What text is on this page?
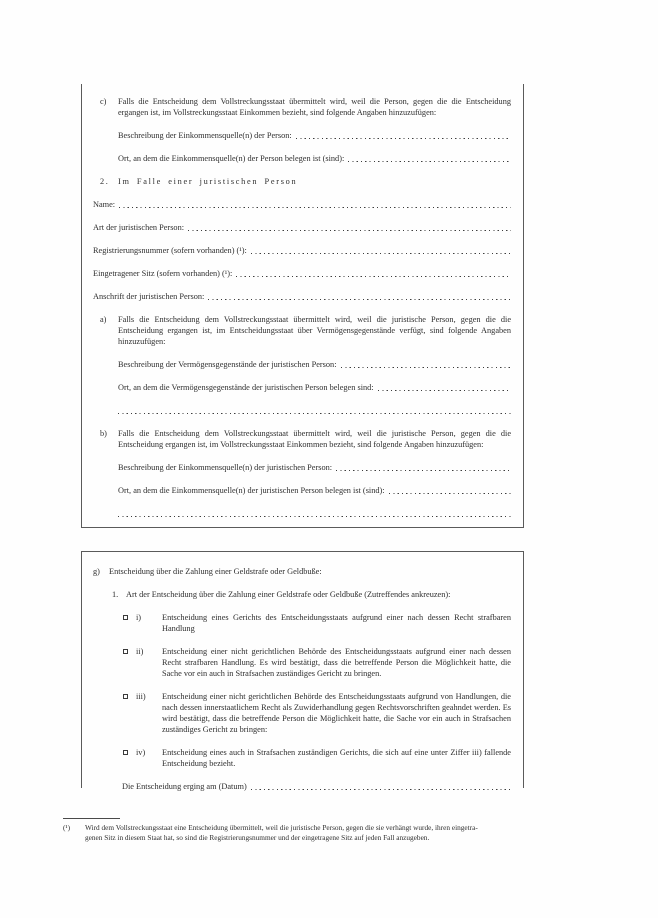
c)	Falls die Entscheidung dem Vollstreckungsstaat übermittelt wird, weil die Person, gegen die die Entscheidung ergangen ist, im Vollstreckungsstaat Einkommen bezieht, sind folgende Angaben hinzuzufügen:
Beschreibung der Einkommensquelle(n) der Person:
Ort, an dem die Einkommensquelle(n) der Person belegen ist (sind):
2.	Im Falle einer juristischen Person
Name:
Art der juristischen Person:
Registrierungsnummer (sofern vorhanden) (¹):
Eingetragener Sitz (sofern vorhanden) (¹):
Anschrift der juristischen Person:
a)	Falls die Entscheidung dem Vollstreckungsstaat übermittelt wird, weil die juristische Person, gegen die die Entscheidung ergangen ist, im Entscheidungsstaat über Vermögensgegenstände verfügt, sind folgende Angaben hinzuzufügen:
Beschreibung der Vermögensgegenstände der juristischen Person:
Ort, an dem die Vermögensgegenstände der juristischen Person belegen sind:
b)	Falls die Entscheidung dem Vollstreckungsstaat übermittelt wird, weil die juristische Person, gegen die die Entscheidung ergangen ist, im Vollstreckungsstaat Einkommen bezieht, sind folgende Angaben hinzuzufügen:
Beschreibung der Einkommensquelle(n) der juristischen Person:
Ort, an dem die Einkommensquelle(n) der juristischen Person belegen ist (sind):
g)	Entscheidung über die Zahlung einer Geldstrafe oder Geldbuße:
1. Art der Entscheidung über die Zahlung einer Geldstrafe oder Geldbuße (Zutreffendes ankreuzen):
i)	Entscheidung eines Gerichts des Entscheidungsstaats aufgrund einer nach dessen Recht strafbaren Handlung
ii)	Entscheidung einer nicht gerichtlichen Behörde des Entscheidungsstaats aufgrund einer nach dessen Recht strafbaren Handlung. Es wird bestätigt, dass die betreffende Person die Möglichkeit hatte, die Sache vor ein auch in Strafsachen zuständiges Gericht zu bringen.
iii)	Entscheidung einer nicht gerichtlichen Behörde des Entscheidungsstaats aufgrund von Handlungen, die nach dessen innerstaatlichem Recht als Zuwiderhandlung gegen Rechtsvorschriften geahndet werden. Es wird bestätigt, dass die betreffende Person die Möglichkeit hatte, die Sache vor ein auch in Strafsachen zuständiges Gericht zu bringen:
iv)	Entscheidung eines auch in Strafsachen zuständigen Gerichts, die sich auf eine unter Ziffer iii) fallende Entscheidung bezieht.
Die Entscheidung erging am (Datum)
(¹)	Wird dem Vollstreckungsstaat eine Entscheidung übermittelt, weil die juristische Person, gegen die sie verhängt wurde, ihren eingetra-
genen Sitz in diesem Staat hat, so sind die Registrierungsnummer und der eingetragene Sitz auf jeden Fall anzugeben.
